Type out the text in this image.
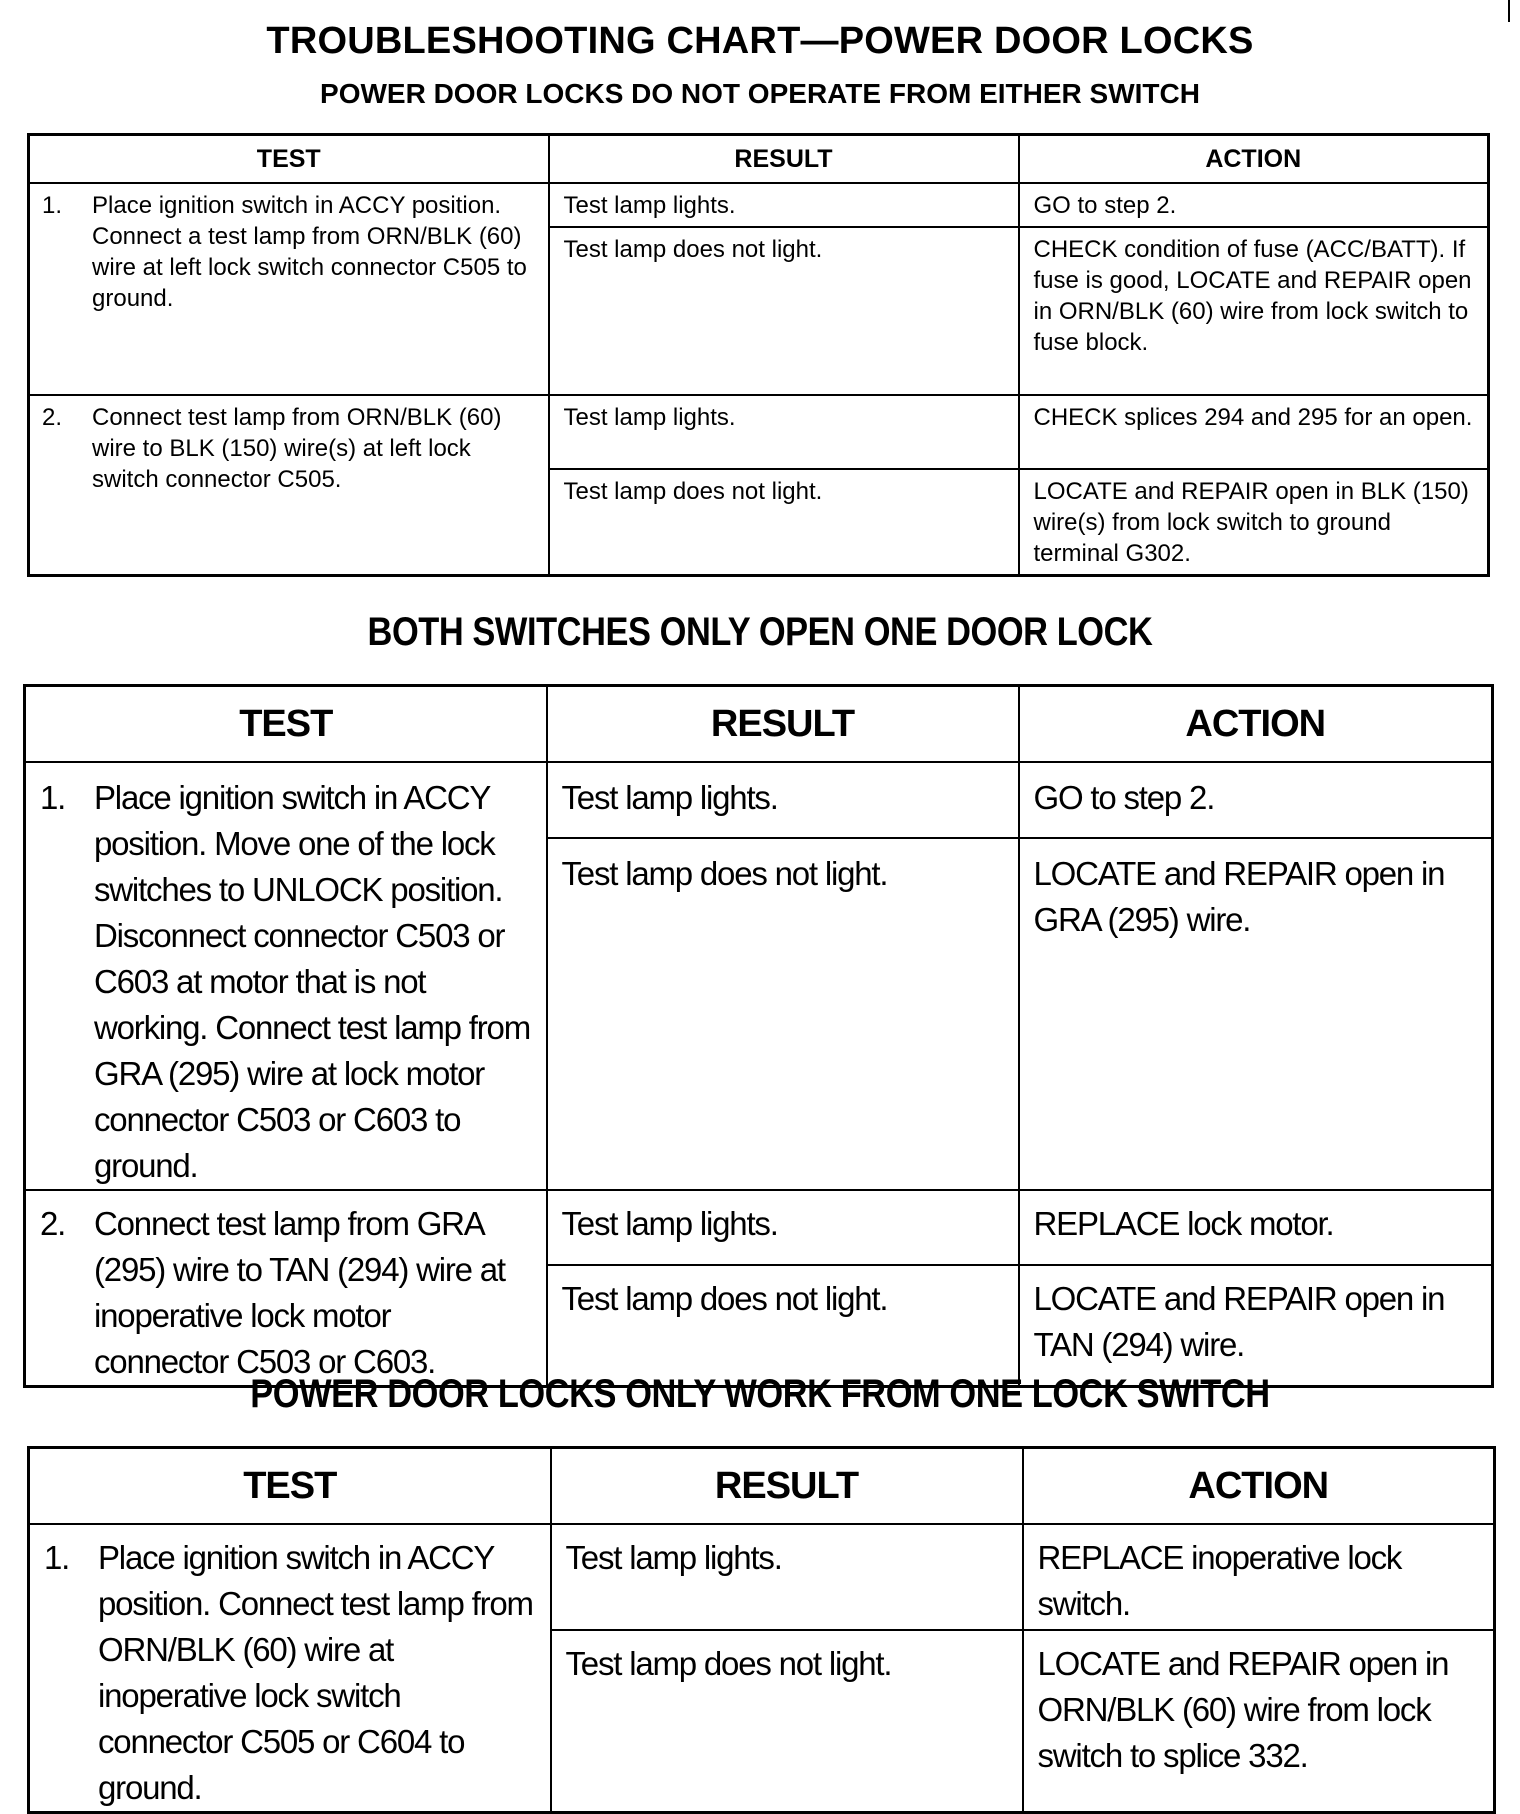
TROUBLESHOOTING CHART—POWER DOOR LOCKS
POWER DOOR LOCKS DO NOT OPERATE FROM EITHER SWITCH
TEST	RESULT	ACTION

1. Place ignition switch in ACCY position. Connect a test lamp from ORN/BLK (60) wire at left lock switch connector C505 to ground.	Test lamp lights.	GO to step 2.

	Test lamp does not light.	CHECK condition of fuse (ACC/BATT). If fuse is good, LOCATE and REPAIR open in ORN/BLK (60) wire from lock switch to fuse block.

2. Connect test lamp from ORN/BLK (60) wire to BLK (150) wire(s) at left lock switch connector C505.	Test lamp lights.	CHECK splices 294 and 295 for an open.

	Test lamp does not light.	LOCATE and REPAIR open in BLK (150) wire(s) from lock switch to ground terminal G302.
BOTH SWITCHES ONLY OPEN ONE DOOR LOCK
TEST	RESULT	ACTION

1. Place ignition switch in ACCY position. Move one of the lock switches to UNLOCK position. Disconnect connector C503 or C603 at motor that is not working. Connect test lamp from GRA (295) wire at lock motor connector C503 or C603 to ground.	Test lamp lights.	GO to step 2.

	Test lamp does not light.	LOCATE and REPAIR open in GRA (295) wire.

2. Connect test lamp from GRA (295) wire to TAN (294) wire at inoperative lock motor connector C503 or C603.	Test lamp lights.	REPLACE lock motor.

	Test lamp does not light.	LOCATE and REPAIR open in TAN (294) wire.
POWER DOOR LOCKS ONLY WORK FROM ONE LOCK SWITCH
TEST	RESULT	ACTION

1. Place ignition switch in ACCY position. Connect test lamp from ORN/BLK (60) wire at inoperative lock switch connector C505 or C604 to ground.	Test lamp lights.	REPLACE inoperative lock switch.

	Test lamp does not light.	LOCATE and REPAIR open in ORN/BLK (60) wire from lock switch to splice 332.
